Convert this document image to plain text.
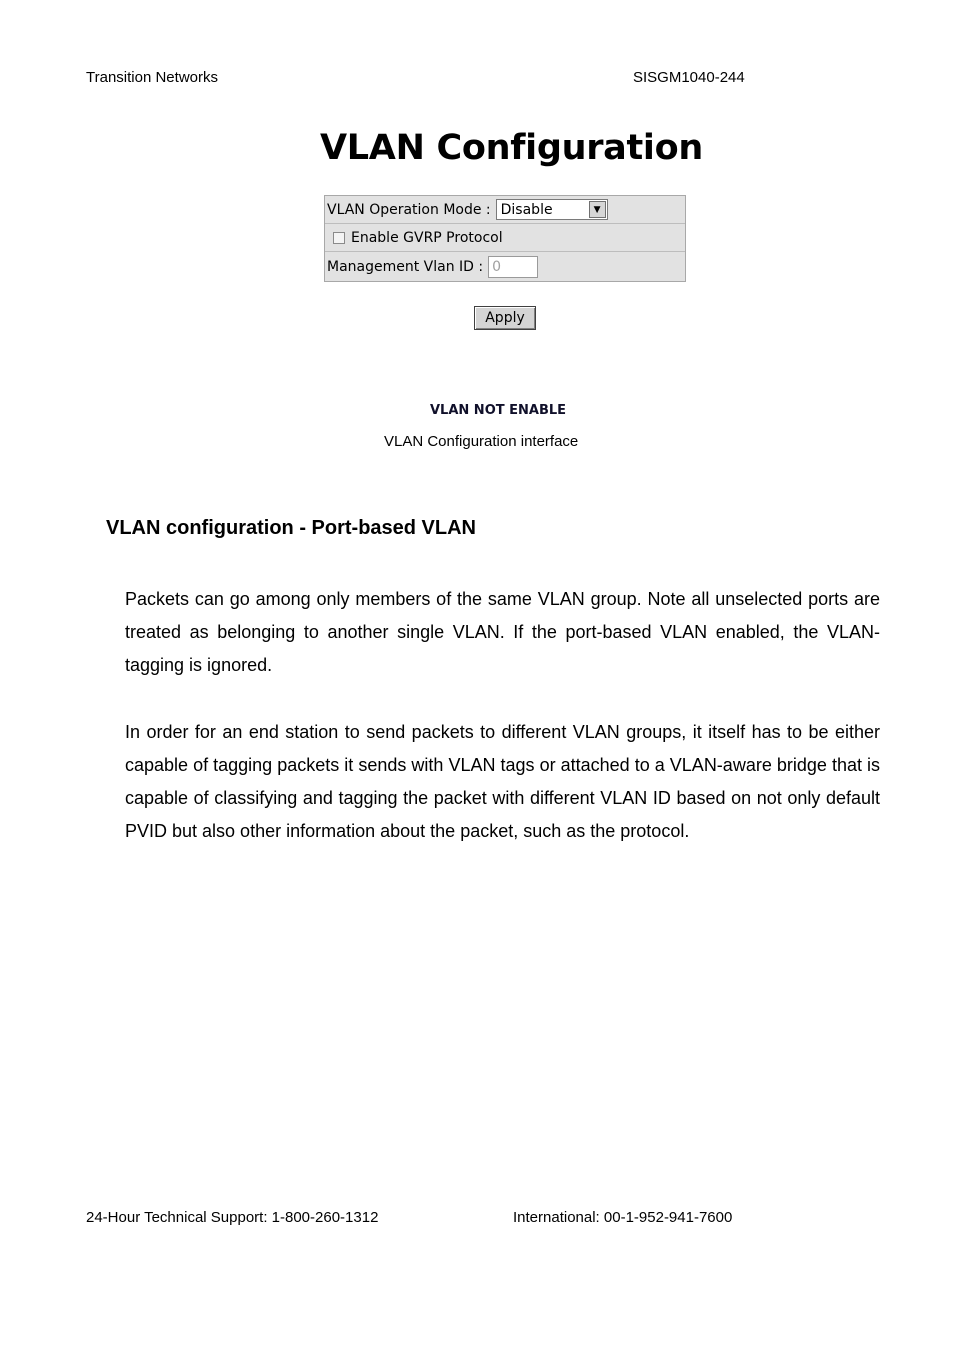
Transition Networks	SISGM1040-244
VLAN Configuration
VLAN Operation Mode : Disable	▼
Enable GVRP Protocol
Management Vlan ID : 0
Apply
VLAN NOT ENABLE
VLAN Configuration interface
VLAN configuration - Port-based VLAN
Packets can go among only members of the same VLAN group. Note all unselected ports are treated as belonging to another single VLAN. If the port-based VLAN enabled, the VLAN-tagging is ignored.
In order for an end station to send packets to different VLAN groups, it itself has to be either capable of tagging packets it sends with VLAN tags or attached to a VLAN-aware bridge that is capable of classifying and tagging the packet with different VLAN ID based on not only default PVID but also other information about the packet, such as the protocol.
24-Hour Technical Support: 1-800-260-1312	International: 00-1-952-941-7600
